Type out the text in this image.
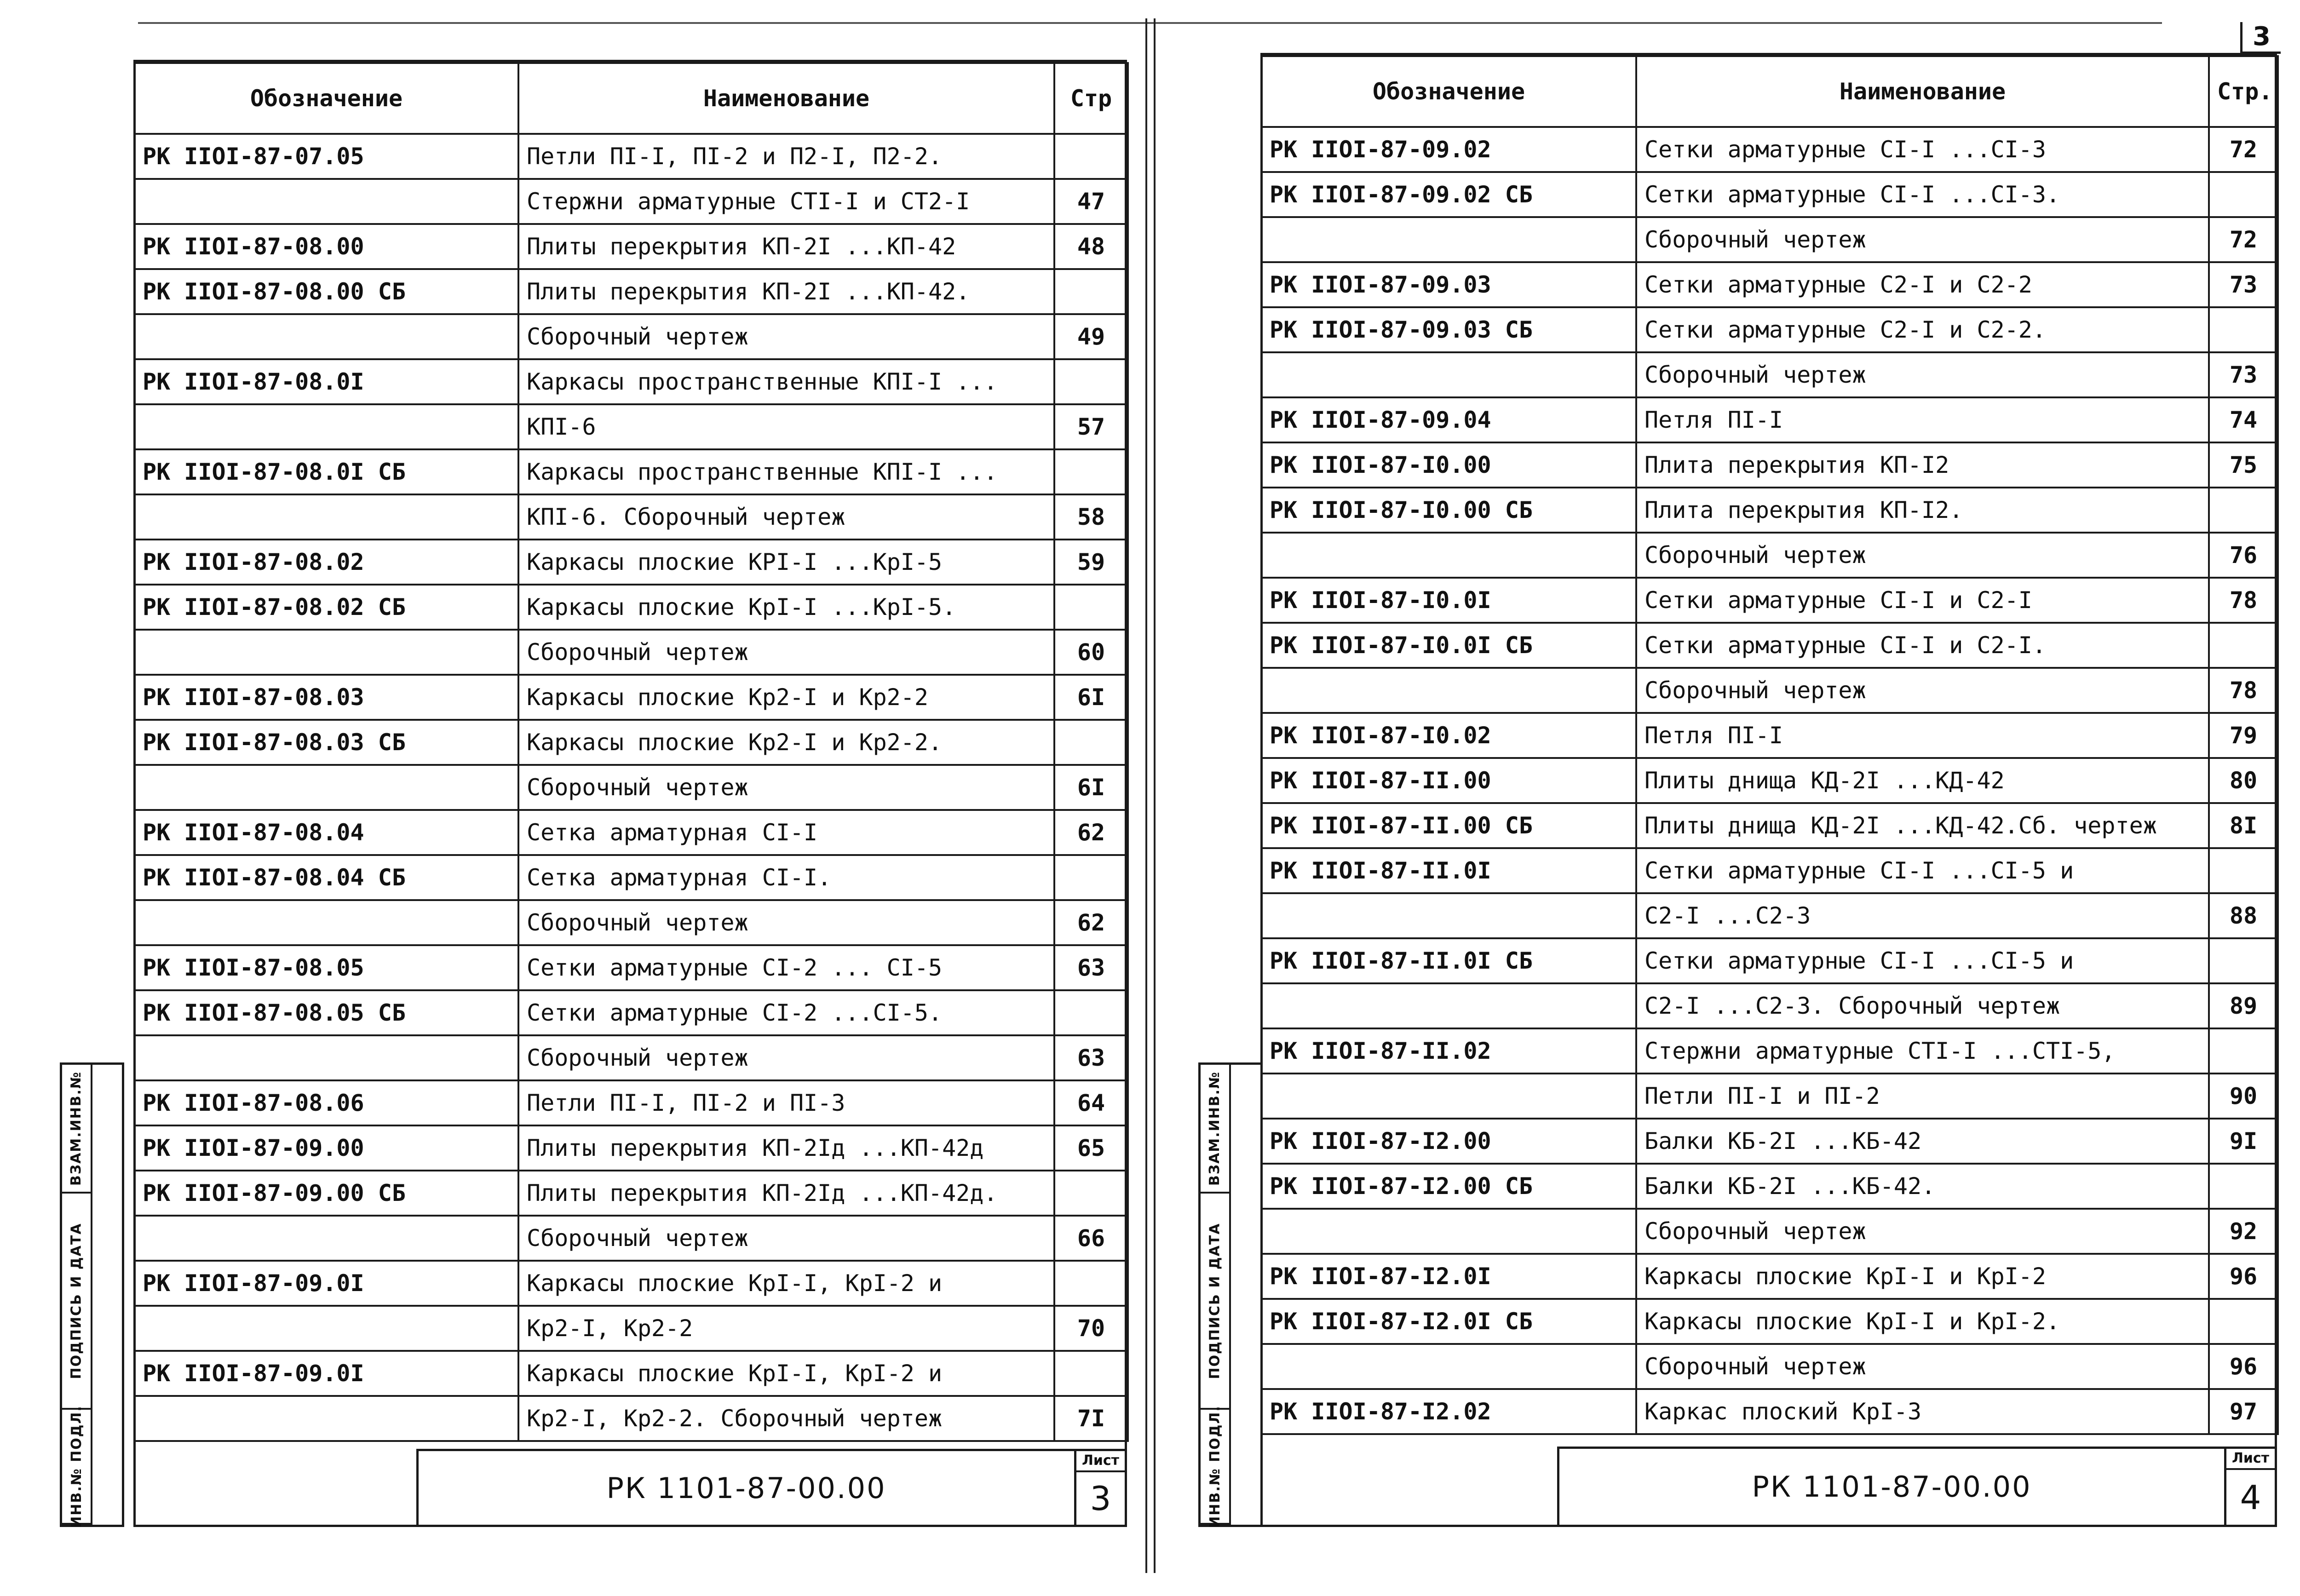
3
Обозначение	Наименование	Стр
РК IIOI-87-07.05	Петли ПI-I, ПI-2 и П2-I, П2-2.	
	Стержни арматурные СТI-I и СТ2-I	47
РК IIOI-87-08.00	Плиты перекрытия КП-2I ...КП-42	48
РК IIOI-87-08.00 СБ	Плиты перекрытия КП-2I ...КП-42.	
	Сборочный чертеж	49
РК IIOI-87-08.0I	Каркасы пространственные КПI-I ...	
	КПI-6	57
РК IIOI-87-08.0I СБ	Каркасы пространственные КПI-I ...	
	КПI-6. Сборочный чертеж	58
РК IIOI-87-08.02	Каркасы плоские КРI-I ...КрI-5	59
РК IIOI-87-08.02 СБ	Каркасы плоские КрI-I ...КрI-5.	
	Сборочный чертеж	60
РК IIOI-87-08.03	Каркасы плоские Кр2-I и Кр2-2	6I
РК IIOI-87-08.03 СБ	Каркасы плоские Кр2-I и Кр2-2.	
	Сборочный чертеж	6I
РК IIOI-87-08.04	Сетка арматурная СI-I	62
РК IIOI-87-08.04 СБ	Сетка арматурная СI-I.	
	Сборочный чертеж	62
РК IIOI-87-08.05	Сетки арматурные СI-2 ... СI-5	63
РК IIOI-87-08.05 СБ	Сетки арматурные СI-2 ...СI-5.	
	Сборочный чертеж	63
РК IIOI-87-08.06	Петли ПI-I, ПI-2 и ПI-3	64
РК IIOI-87-09.00	Плиты перекрытия КП-2Iд ...КП-42д	65
РК IIOI-87-09.00 СБ	Плиты перекрытия КП-2Iд ...КП-42д.	
	Сборочный чертеж	66
РК IIOI-87-09.0I	Каркасы плоские КрI-I, КрI-2 и	
	Кр2-I, Кр2-2	70
РК IIOI-87-09.0I	Каркасы плоские КрI-I, КрI-2 и	
	Кр2-I, Кр2-2. Сборочный чертеж	7I
ВЗАМ.ИНВ.№
ПОДПИСЬ И ДАТА
ИНВ.№ ПОДЛ.	РК 1101-87-00.00
Лист
3
Обозначение	Наименование	Стр.
РК IIOI-87-09.02	Сетки арматурные СI-I ...СI-3	72
РК IIOI-87-09.02 СБ	Сетки арматурные СI-I ...СI-3.	
	Сборочный чертеж	72
РК IIOI-87-09.03	Сетки арматурные С2-I и С2-2	73
РК IIOI-87-09.03 СБ	Сетки арматурные С2-I и С2-2.	
	Сборочный чертеж	73
РК IIOI-87-09.04	Петля ПI-I	74
РК IIOI-87-I0.00	Плита перекрытия КП-I2	75
РК IIOI-87-I0.00 СБ	Плита перекрытия КП-I2.	
	Сборочный чертеж	76
РК IIOI-87-I0.0I	Сетки арматурные СI-I и С2-I	78
РК IIOI-87-I0.0I СБ	Сетки арматурные СI-I и С2-I.	
	Сборочный чертеж	78
РК IIOI-87-I0.02	Петля ПI-I	79
РК IIOI-87-II.00	Плиты днища КД-2I ...КД-42	80
РК IIOI-87-II.00 СБ	Плиты днища КД-2I ...КД-42.Сб. чертеж	8I
РК IIOI-87-II.0I	Сетки арматурные СI-I ...СI-5 и	
	С2-I ...С2-3	88
РК IIOI-87-II.0I СБ	Сетки арматурные СI-I ...СI-5 и	
	С2-I ...С2-3. Сборочный чертеж	89
РК IIOI-87-II.02	Стержни арматурные СТI-I ...СТI-5,	
	Петли ПI-I и ПI-2	90
РК IIOI-87-I2.00	Балки КБ-2I ...КБ-42	9I
РК IIOI-87-I2.00 СБ	Балки КБ-2I ...КБ-42.	
	Сборочный чертеж	92
РК IIOI-87-I2.0I	Каркасы плоские КрI-I и КрI-2	96
РК IIOI-87-I2.0I СБ	Каркасы плоские КрI-I и КрI-2.	
	Сборочный чертеж	96
РК IIOI-87-I2.02	Каркас плоский КрI-3	97
ВЗАМ.ИНВ.№
ПОДПИСЬ И ДАТА
ИНВ.№ ПОДЛ.	РК 1101-87-00.00
Лист
4
